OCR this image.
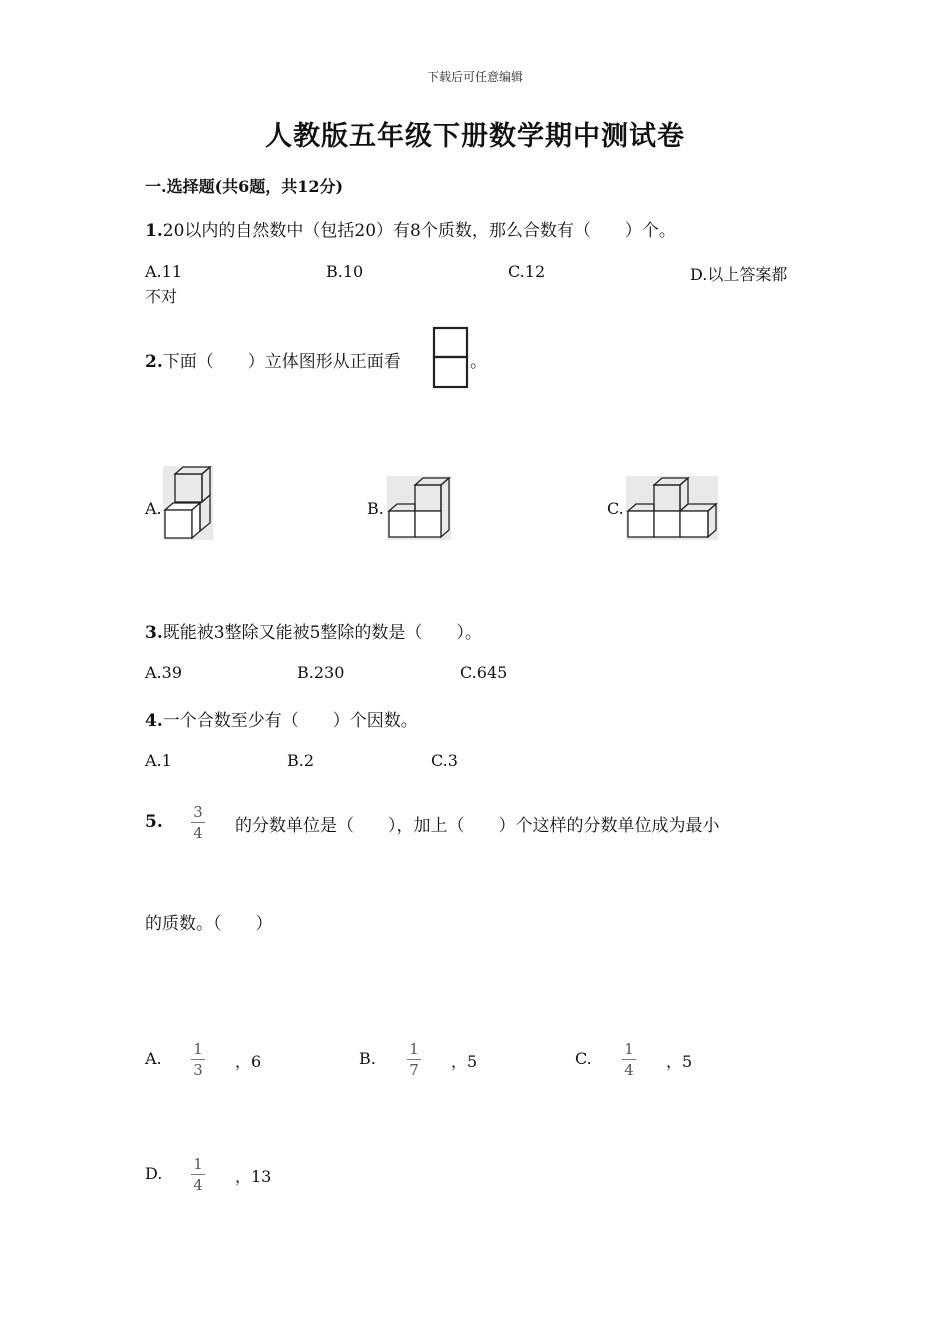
下载后可任意编辑
人教版五年级下册数学期中测试卷
一.选择题(共6题，共12分)
1.20以内的自然数中（包括20）有8个质数，那么合数有（　　）个。
A.11	B.10	C.12	D.以上答案都
不对
2.下面（　　）立体图形从正面看	。
A.	B.	C.
3.既能被3整除又能被5整除的数是（　　）。
A.39	B.230	C.645
4.一个合数至少有（　　）个因数。
A.1	B.2	C.3
5. 3
4 的分数单位是（　　），加上（　　）个这样的分数单位成为最小
的质数。（　　）
A. 1
3 ，6	B. 1
7 ，5	C. 1
4 ，5
D. 1
4 ，13
